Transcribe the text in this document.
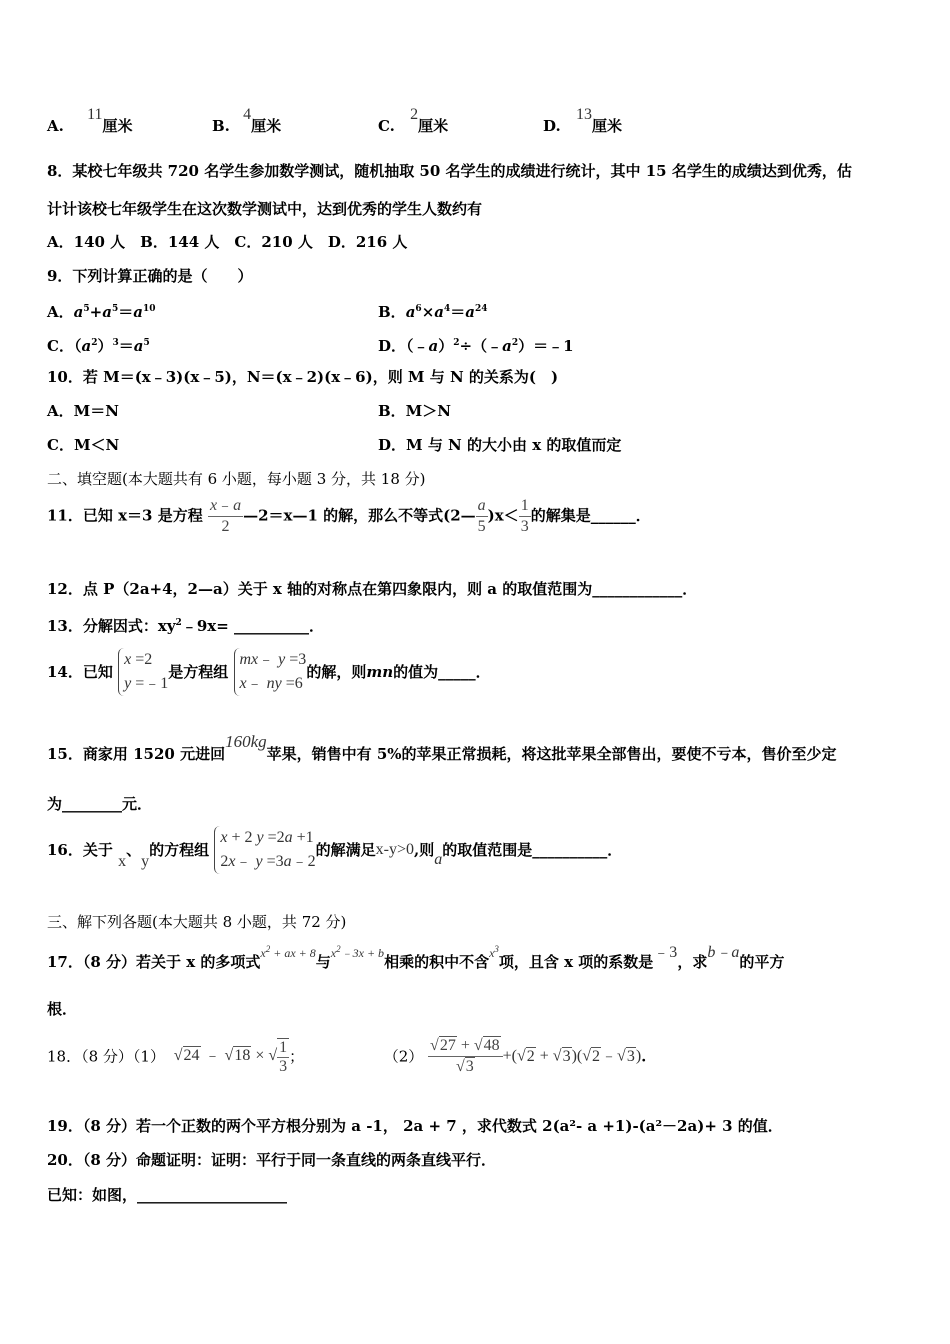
A. 11厘米	B. 4厘米	C. 2厘米	D. 13厘米
8．某校七年级共 720 名学生参加数学测试，随机抽取 50 名学生的成绩进行统计，其中 15 名学生的成绩达到优秀，估
计计该校七年级学生在这次数学测试中，达到优秀的学生人数约有
A．140 人　B．144 人　C．210 人　D．216 人
9．下列计算正确的是（　　）
A．$a^5+a^5=a^{10}$	B．$a^6\times a^4=a^{24}$
C．$(a^2)^3=a^5$	D．$(﹣a)^2\div(﹣a^2)=﹣1$
10．若 M＝(x﹣3)(x﹣5)，N＝(x﹣2)(x﹣6)，则 M 与 N 的关系为(　)
A．M＝N	B．M＞N
C．M＜N	D．M 与 N 的大小由 x 的取值而定
二、填空题(本大题共有 6 小题，每小题 3 分，共 18 分)
11．已知 x＝3 是方程 $\frac{x﹣a}{2}$ —2＝x—1 的解，那么不等式(2— $\frac{a}{5} )x< \frac{1}{3}$ 的解集是______．
12．点 P（2a+4，2—a）关于 x 轴的对称点在第四象限内，则 a 的取值范围为____________．
13．分解因式：$xy^2﹣9x=$ __________．
14．已知
x =2
y =﹣1
是方程组
mx﹣ y =3
x﹣ ny =6
的解，则mn的值为_____．
15．商家用 1520 元进回160kg苹果，销售中有 5%的苹果正常损耗，将这批苹果全部售出，要使不亏本，售价至少定
为________元．
16．关于 x、y的方程组
x + 2 y =2a +1
2x﹣ y =3a﹣2
的解满足x-y>0,则a的取值范围是__________．
三、解下列各题(本大题共 8 小题，共 72 分)
17．（8 分）若关于 x 的多项式$^{x^2 + ax + 8}$与$^{x^2﹣3x + b}$相乘的积中不含$^{x^3}$项，且含 x 项的系数是﹣3，求b﹣a的平方
根．
18．（8 分）（1） √24 ﹣ √18 × √ $\frac{1}{3}$ ；	$(2) \frac{√27 + √48}{√3} +(√2$ + √3)(√2﹣√3).
19．（8 分）若一个正数的两个平方根分别为 a -1， 2a + 7 ，求代数式 2(a²- a +1)-(a²－2a)+ 3 的值．
20．（8 分）命题证明：证明：平行于同一条直线的两条直线平行．
已知：如图，____________________
